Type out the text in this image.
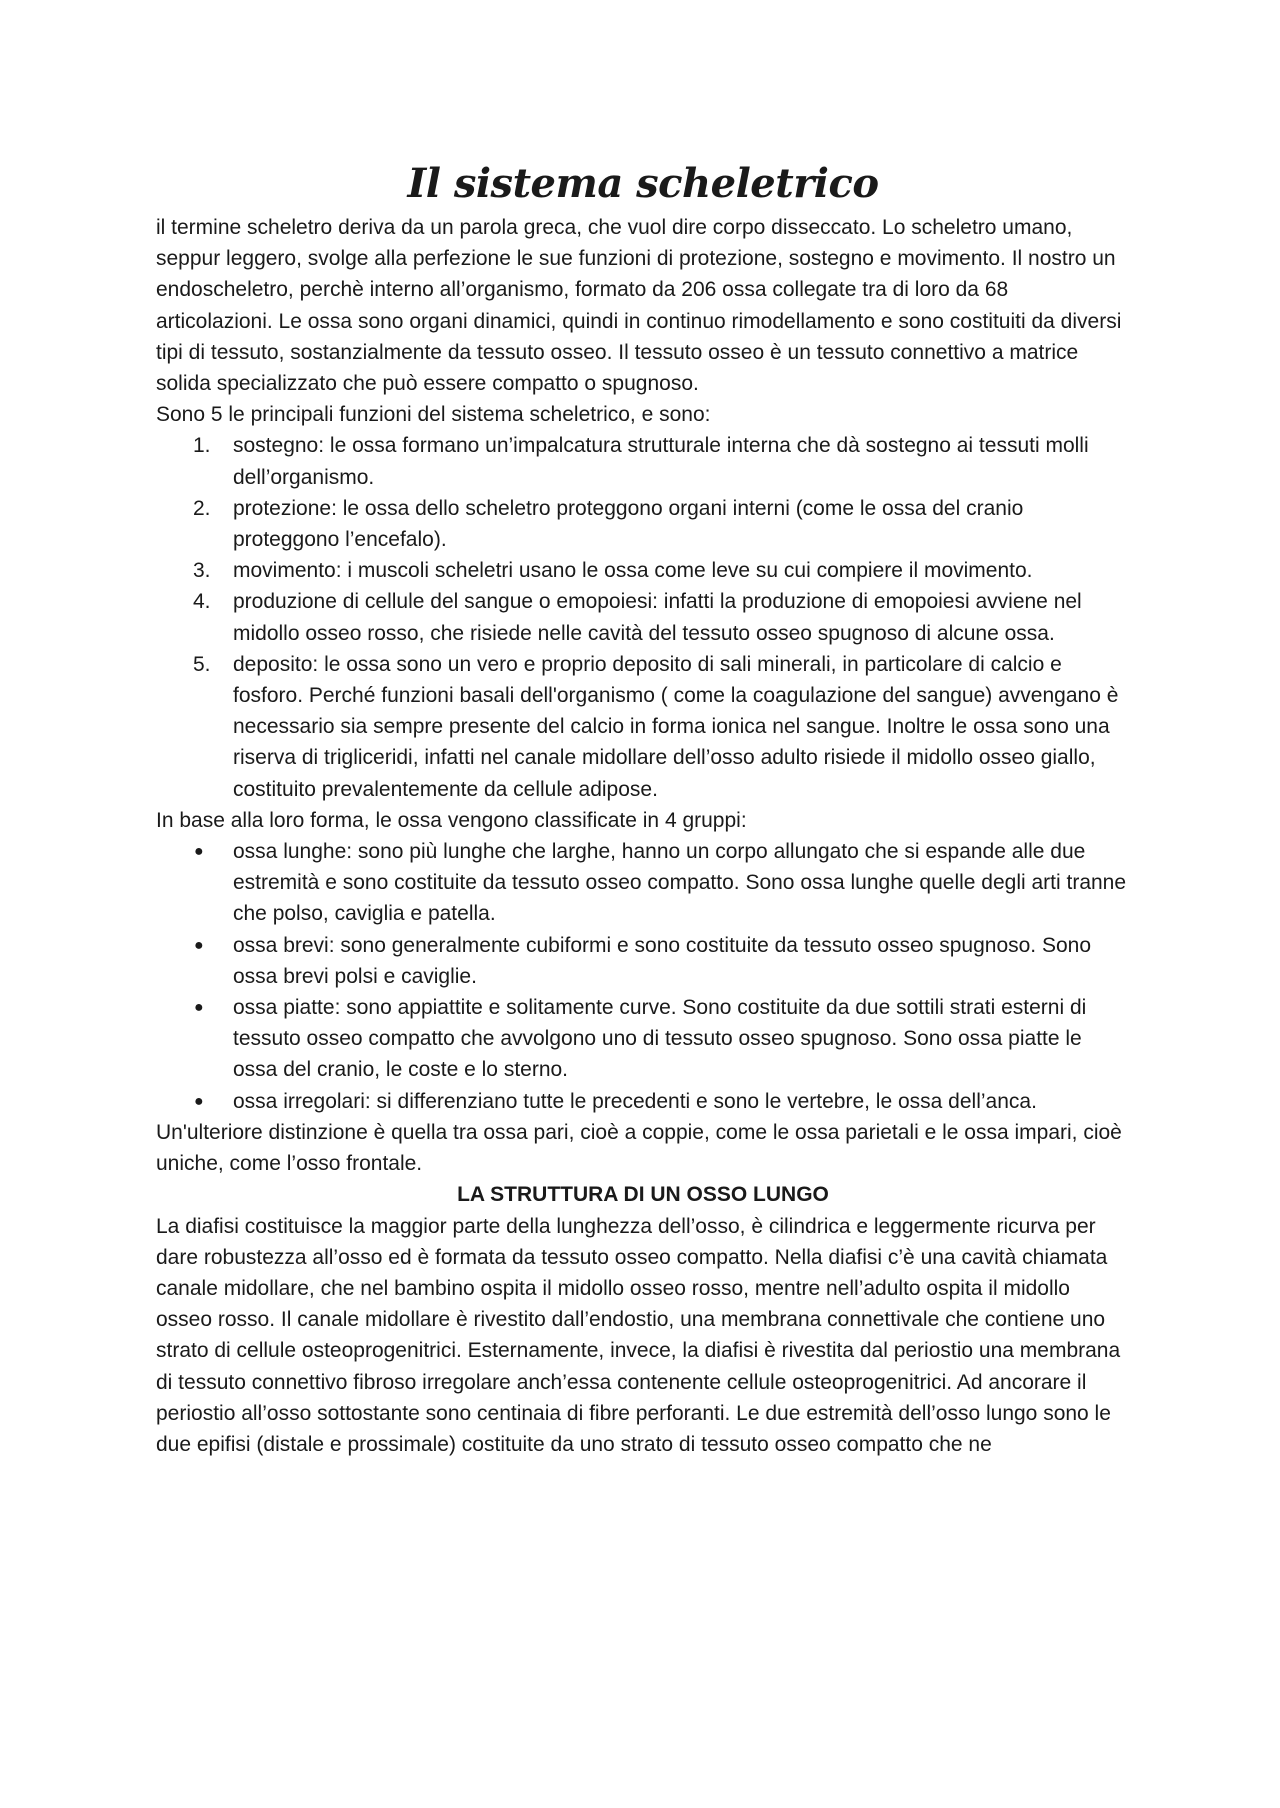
Il sistema scheletrico

il termine scheletro deriva da un parola greca, che vuol dire corpo disseccato. Lo scheletro umano, seppur leggero, svolge alla perfezione le sue funzioni di protezione, sostegno e movimento. Il nostro un endoscheletro, perchè interno all’organismo, formato da 206 ossa collegate tra di loro da 68 articolazioni. Le ossa sono organi dinamici, quindi in continuo rimodellamento e sono costituiti da diversi tipi di tessuto, sostanzialmente da tessuto osseo. Il tessuto osseo è un tessuto connettivo a matrice solida specializzato che può essere compatto o spugnoso.

Sono 5 le principali funzioni del sistema scheletrico, e sono:

1.	sostegno: le ossa formano un’impalcatura strutturale interna che dà sostegno ai tessuti molli dell’organismo.
2.	protezione: le ossa dello scheletro proteggono organi interni (come le ossa del cranio proteggono l’encefalo).
3.	movimento: i muscoli scheletri usano le ossa come leve su cui compiere il movimento.
4.	produzione di cellule del sangue o emopoiesi: infatti la produzione di emopoiesi avviene nel midollo osseo rosso, che risiede nelle cavità del tessuto osseo spugnoso di alcune ossa.
5.	deposito: le ossa sono un vero e proprio deposito di sali minerali, in particolare di calcio e fosforo. Perché funzioni basali dell'organismo ( come la coagulazione del sangue) avvengano è necessario sia sempre presente del calcio in forma ionica nel sangue. Inoltre le ossa sono una riserva di trigliceridi, infatti nel canale midollare dell’osso adulto risiede il midollo osseo giallo, costituito prevalentemente da cellule adipose.

In base alla loro forma, le ossa vengono classificate in 4 gruppi:

● ossa lunghe: sono più lunghe che larghe, hanno un corpo allungato che si espande alle due estremità e sono costituite da tessuto osseo compatto. Sono ossa lunghe quelle degli arti tranne che polso, caviglia e patella.
● ossa brevi: sono generalmente cubiformi e sono costituite da tessuto osseo spugnoso. Sono ossa brevi polsi e caviglie.
● ossa piatte: sono appiattite e solitamente curve. Sono costituite da due sottili strati esterni di tessuto osseo compatto che avvolgono uno di tessuto osseo spugnoso. Sono ossa piatte le ossa del cranio, le coste e lo sterno.
● ossa irregolari: si differenziano tutte le precedenti e sono le vertebre, le ossa dell’anca.

Un'ulteriore distinzione è quella tra ossa pari, cioè a coppie, come le ossa parietali e le ossa impari, cioè uniche, come l’osso frontale.

LA STRUTTURA DI UN OSSO LUNGO

La diafisi costituisce la maggior parte della lunghezza dell’osso, è cilindrica e leggermente ricurva per dare robustezza all’osso ed è formata da tessuto osseo compatto. Nella diafisi c’è una cavità chiamata canale midollare, che nel bambino ospita il midollo osseo rosso, mentre nell’adulto ospita il midollo osseo rosso. Il canale midollare è rivestito dall’endostio, una membrana connettivale che contiene uno strato di cellule osteoprogenitrici. Esternamente, invece, la diafisi è rivestita dal periostio una membrana di tessuto connettivo fibroso irregolare anch’essa contenente cellule osteoprogenitrici. Ad ancorare il periostio all’osso sottostante sono centinaia di fibre perforanti. Le due estremità dell’osso lungo sono le due epifisi (distale e prossimale) costituite da uno strato di tessuto osseo compatto che ne
